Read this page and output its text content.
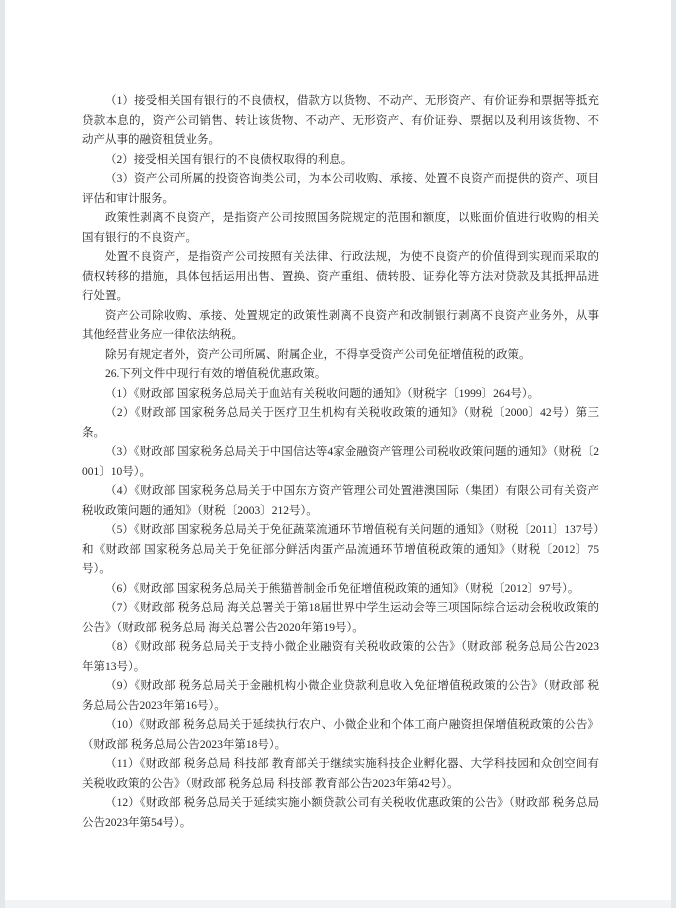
（1）接受相关国有银行的不良债权，借款方以货物、不动产、无形资产、有价证券和票据等抵充贷款本息的，资产公司销售、转让该货物、不动产、无形资产、有价证券、票据以及利用该货物、不动产从事的融资租赁业务。

（2）接受相关国有银行的不良债权取得的利息。

（3）资产公司所属的投资咨询类公司，为本公司收购、承接、处置不良资产而提供的资产、项目评估和审计服务。

政策性剥离不良资产，是指资产公司按照国务院规定的范围和额度，以账面价值进行收购的相关国有银行的不良资产。

处置不良资产，是指资产公司按照有关法律、行政法规，为使不良资产的价值得到实现而采取的债权转移的措施，具体包括运用出售、置换、资产重组、债转股、证券化等方法对贷款及其抵押品进行处置。

资产公司除收购、承接、处置规定的政策性剥离不良资产和改制银行剥离不良资产业务外，从事其他经营业务应一律依法纳税。

除另有规定者外，资产公司所属、附属企业，不得享受资产公司免征增值税的政策。

26.下列文件中现行有效的增值税优惠政策。

（1）《财政部 国家税务总局关于血站有关税收问题的通知》（财税字〔1999〕264号）。

（2）《财政部 国家税务总局关于医疗卫生机构有关税收政策的通知》（财税〔2000〕42号）第三条。

（3）《财政部 国家税务总局关于中国信达等4家金融资产管理公司税收政策问题的通知》（财税〔2001〕10号）。

（4）《财政部 国家税务总局关于中国东方资产管理公司处置港澳国际（集团）有限公司有关资产税收政策问题的通知》（财税〔2003〕212号）。

（5）《财政部 国家税务总局关于免征蔬菜流通环节增值税有关问题的通知》（财税〔2011〕137号）和《财政部 国家税务总局关于免征部分鲜活肉蛋产品流通环节增值税政策的通知》（财税〔2012〕75号）。

（6）《财政部 国家税务总局关于熊猫普制金币免征增值税政策的通知》（财税〔2012〕97号）。

（7）《财政部 税务总局 海关总署关于第18届世界中学生运动会等三项国际综合运动会税收政策的公告》（财政部 税务总局 海关总署公告2020年第19号）。

（8）《财政部 税务总局关于支持小微企业融资有关税收政策的公告》（财政部 税务总局公告2023年第13号）。

（9）《财政部 税务总局关于金融机构小微企业贷款利息收入免征增值税政策的公告》（财政部 税务总局公告2023年第16号）。

（10）《财政部 税务总局关于延续执行农户、小微企业和个体工商户融资担保增值税政策的公告》（财政部 税务总局公告2023年第18号）。

（11）《财政部 税务总局 科技部 教育部关于继续实施科技企业孵化器、大学科技园和众创空间有关税收政策的公告》（财政部 税务总局 科技部 教育部公告2023年第42号）。

（12）《财政部 税务总局关于延续实施小额贷款公司有关税收优惠政策的公告》（财政部 税务总局公告2023年第54号）。
